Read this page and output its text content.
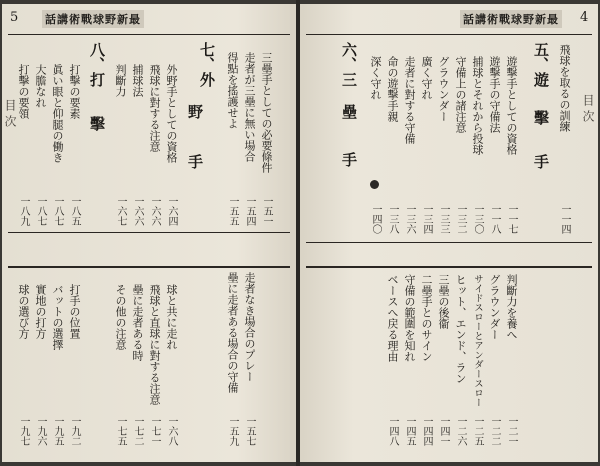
5 話講術戰球野新最
三壘手としての必要條件
一五一
走者が三壘に無い場合
一五四
得點を搖護せよ
一五五
七、外
野
手
外野手としての資格
一六四
飛球に對する注意
一六六
捕球法
一六六
判斷力
一六七
八、打
擊
打擊の要素
一八五
眞い眼と仰腿の働き
一八七
大膽なれ
一八七
打擊の要領
一八九
目 次
走者なき場合のプレー
一五七
壘に走者ある場合の守備
一五九
球と共に走れ
一六八
飛球と直球に對する注意
一七一
壘に走者ある時
一七二
その他の注意
一七五
打手の位置
一九二
バットの選擇
一九五
實地の打方
一九六
球の選び方
一九七
話講術戰球野新最 4
目 次
飛球を取るの訓練
一一四
五、遊
擊
手
遊擊手としての資格
一一七
遊擊手の守備法
一一八
捕球とそれから投球
一三〇
守備上の諸注意
一三二
グラウンダー
一三三
廣く守れ
一三四
走者に對する守備
一三六
命の遊擊手親
一三八
深く守れ
一四〇
六、三
壘
手
判斷力を養へ
一二一
グラウンダー
一二二
サイドスローとアンダースロー
一二五
ヒット、エンド、ラン
一二六
三壘の後衞
一四一
二壘手とのサイン
一四四
守備の範圍を知れ
一四五
ベースへ戻る理由
一四八
